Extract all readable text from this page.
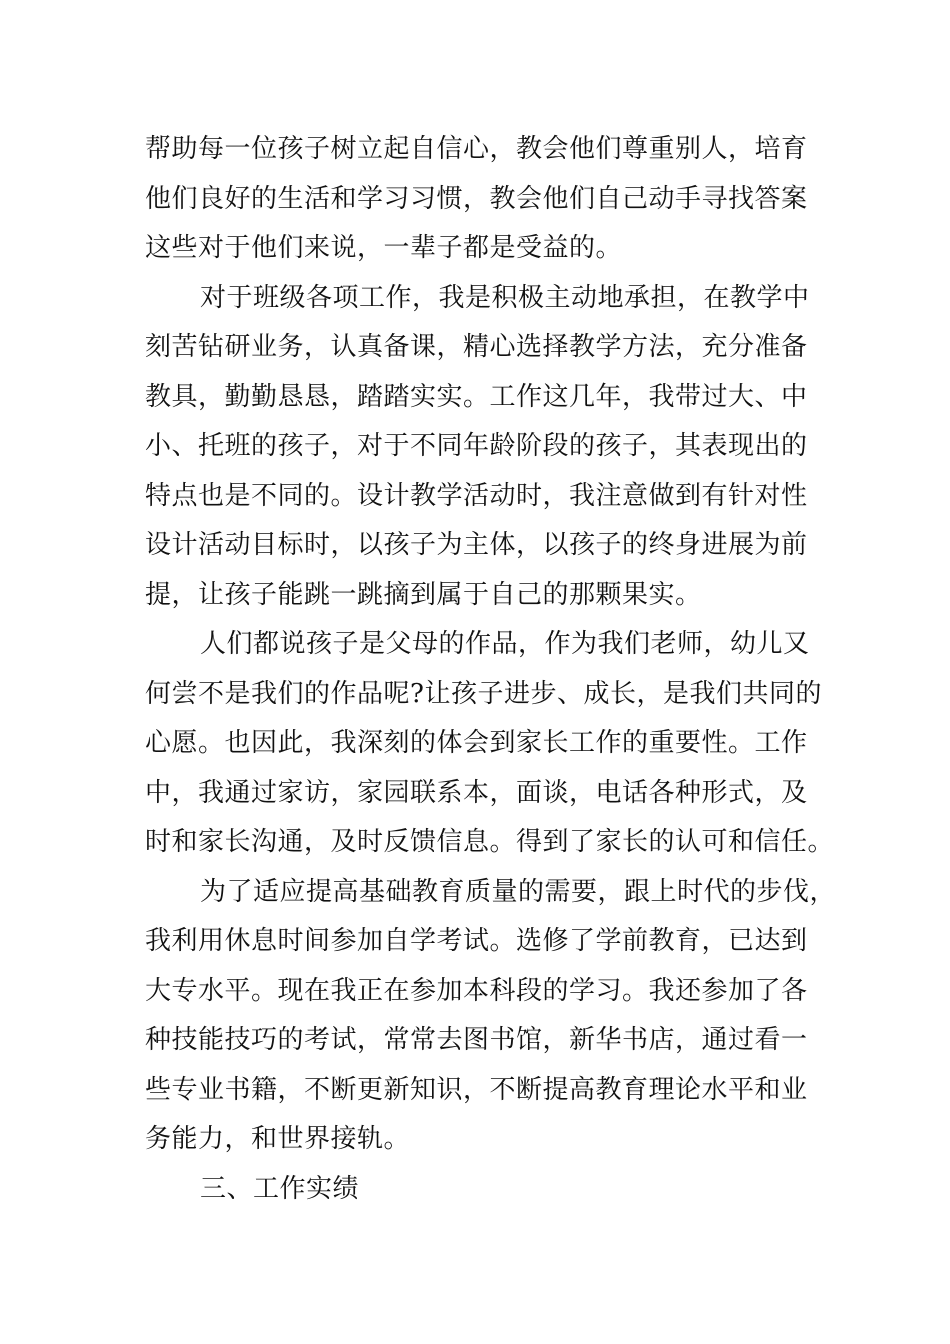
帮助每一位孩子树立起自信心，教会他们尊重别人，培育
他们良好的生活和学习习惯，教会他们自己动手寻找答案
这些对于他们来说，一辈子都是受益的。
对于班级各项工作，我是积极主动地承担，在教学中
刻苦钻研业务，认真备课，精心选择教学方法，充分准备
教具，勤勤恳恳，踏踏实实。工作这几年，我带过大、中
小、托班的孩子，对于不同年龄阶段的孩子，其表现出的
特点也是不同的。设计教学活动时，我注意做到有针对性
设计活动目标时，以孩子为主体，以孩子的终身进展为前
提，让孩子能跳一跳摘到属于自己的那颗果实。
人们都说孩子是父母的作品，作为我们老师，幼儿又
何尝不是我们的作品呢?让孩子进步、成长，是我们共同的
心愿。也因此，我深刻的体会到家长工作的重要性。工作
中，我通过家访，家园联系本，面谈，电话各种形式，及
时和家长沟通，及时反馈信息。得到了家长的认可和信任。
为了适应提高基础教育质量的需要，跟上时代的步伐，
我利用休息时间参加自学考试。选修了学前教育，已达到
大专水平。现在我正在参加本科段的学习。我还参加了各
种技能技巧的考试，常常去图书馆，新华书店，通过看一
些专业书籍，不断更新知识，不断提高教育理论水平和业
务能力，和世界接轨。
三、工作实绩
